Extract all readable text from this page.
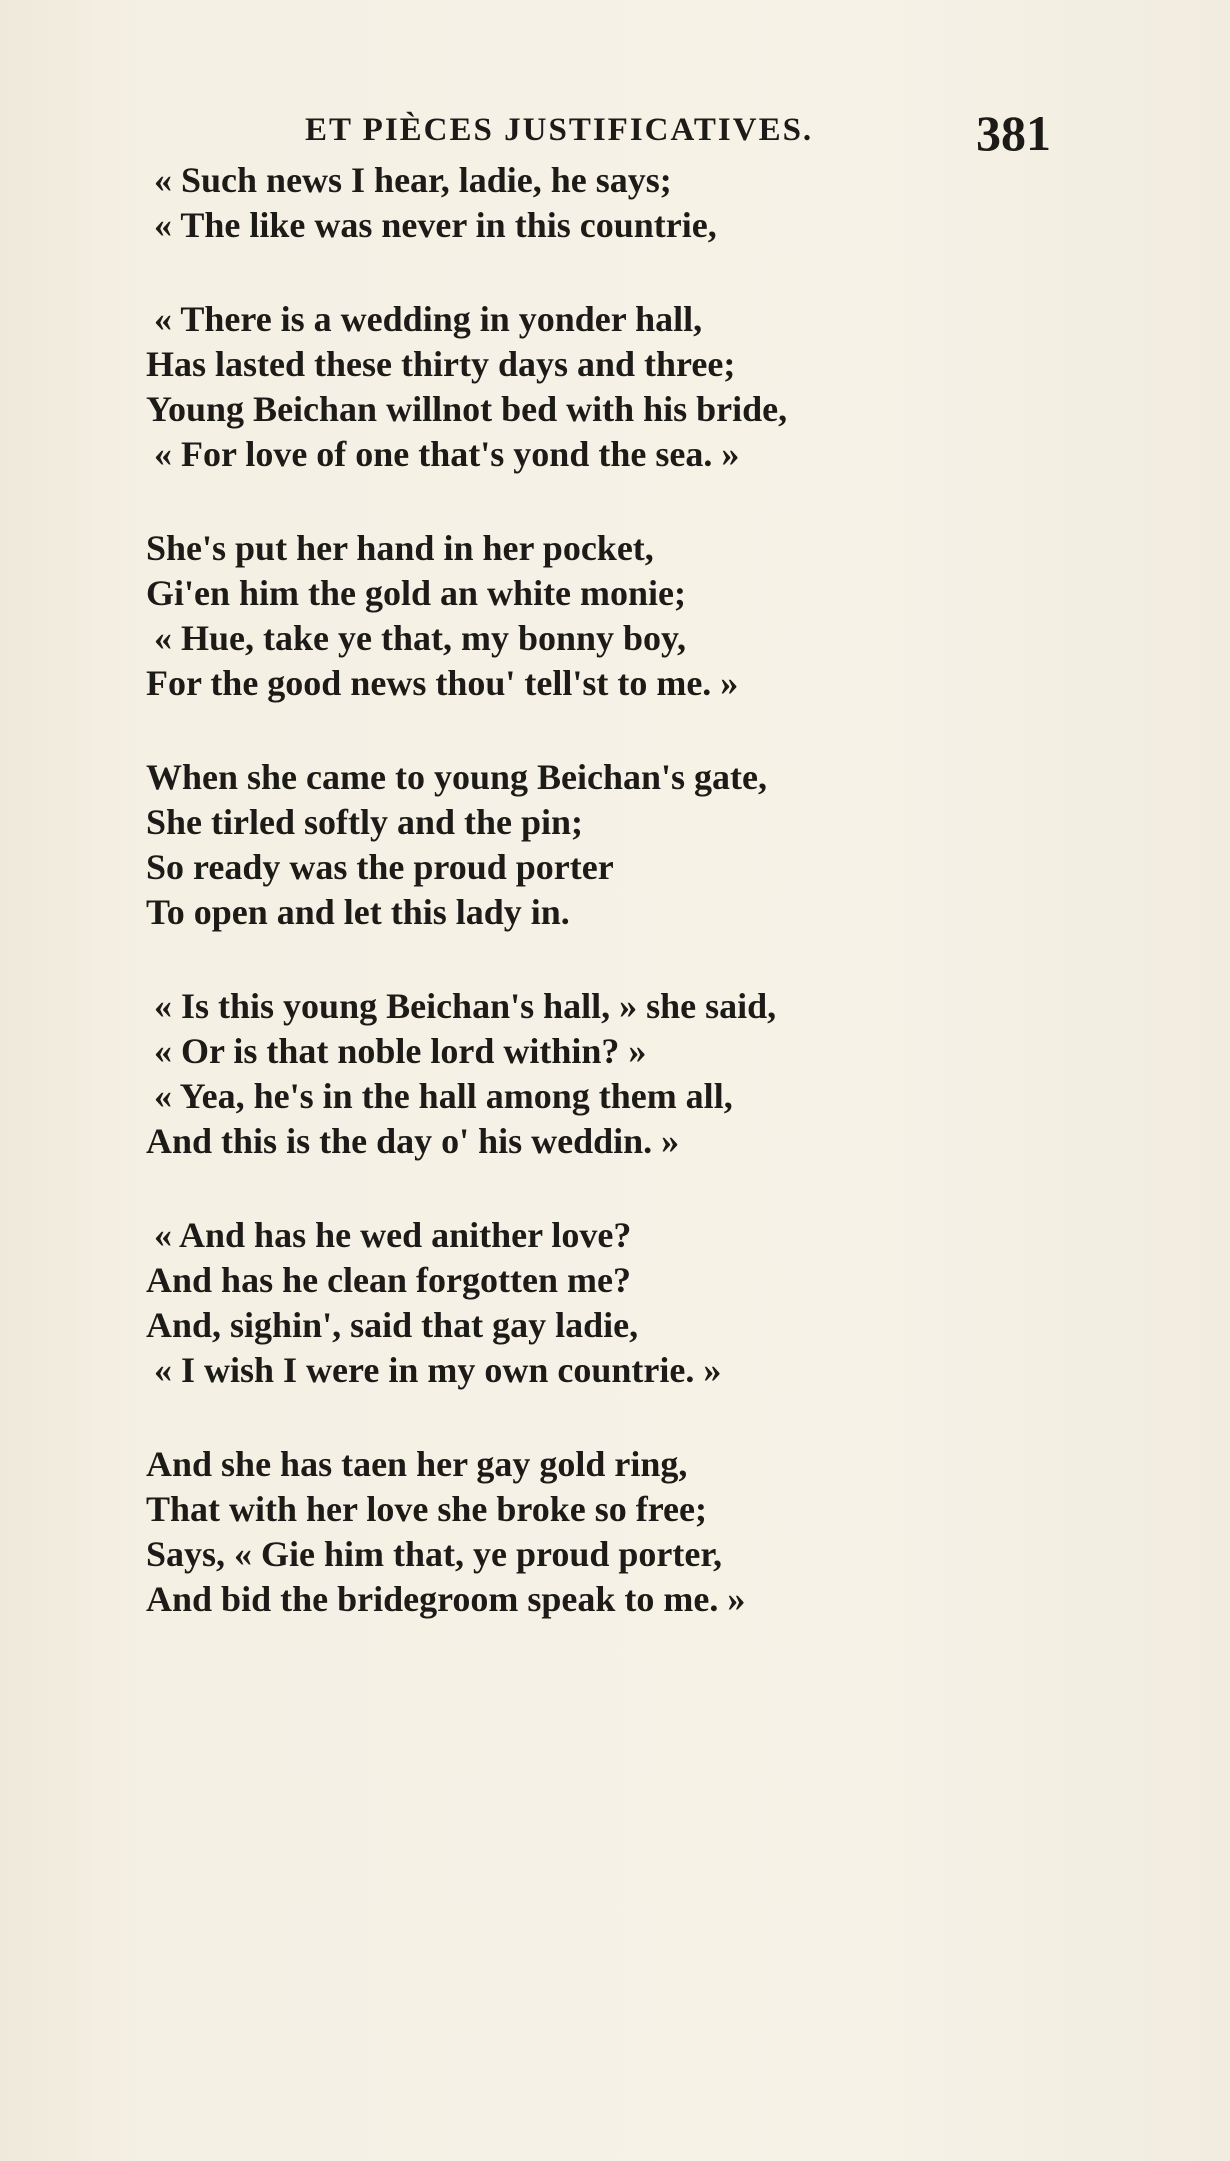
ET PIÈCES JUSTIFICATIVES.	381
« Such news I hear, ladie, he says;
« The like was never in this countrie,
« There is a wedding in yonder hall,
Has lasted these thirty days and three;
Young Beichan willnot bed with his bride,
« For love of one that's yond the sea. »
She's put her hand in her pocket,
Gi'en him the gold an white monie;
« Hue, take ye that, my bonny boy,
For the good news thou' tell'st to me. »
When she came to young Beichan's gate,
She tirled softly and the pin;
So ready was the proud porter
To open and let this lady in.
« Is this young Beichan's hall, » she said,
« Or is that noble lord within? »
« Yea, he's in the hall among them all,
And this is the day o' his weddin. »
« And has he wed anither love?
And has he clean forgotten me?
And, sighin', said that gay ladie,
« I wish I were in my own countrie. »
And she has taen her gay gold ring,
That with her love she broke so free;
Says, « Gie him that, ye proud porter,
And bid the bridegroom speak to me. »
